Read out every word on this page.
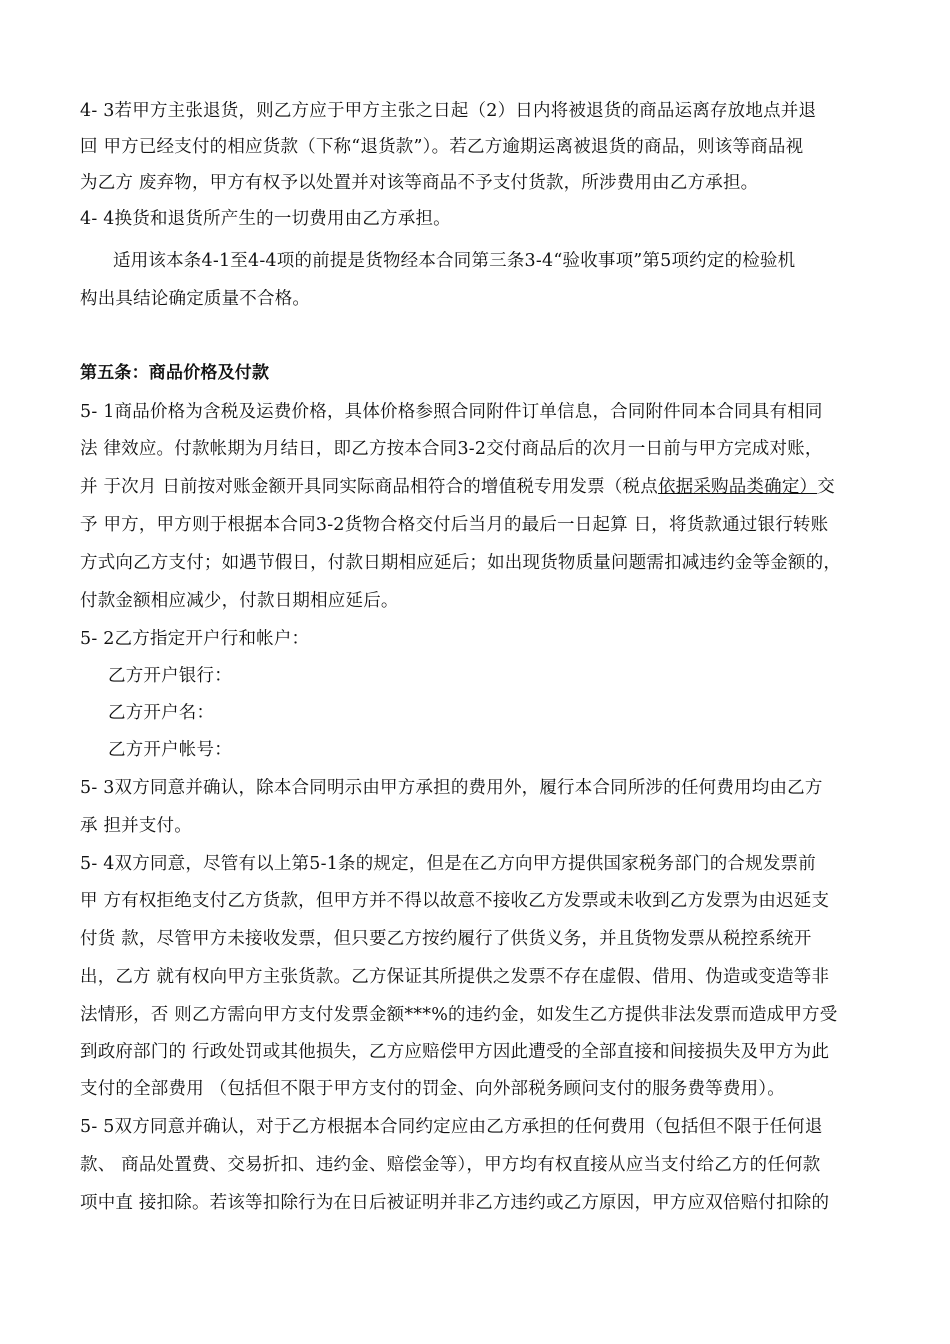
4- 3若甲方主张退货，则乙方应于甲方主张之日起（2）日内将被退货的商品运离存放地点并退
回 甲方已经支付的相应货款（下称“退货款”）。若乙方逾期运离被退货的商品，则该等商品视
为乙方 废弃物，甲方有权予以处置并对该等商品不予支付货款，所涉费用由乙方承担。
4- 4换货和退货所产生的一切费用由乙方承担。
适用该本条4-1至4-4项的前提是货物经本合同第三条3-4“验收事项”第5项约定的检验机
构出具结论确定质量不合格。
第五条：商品价格及付款
5- 1商品价格为含税及运费价格，具体价格参照合同附件订单信息，合同附件同本合同具有相同
法 律效应。付款帐期为月结日，即乙方按本合同3-2交付商品后的次月一日前与甲方完成对账，
并 于次月 日前按对账金额开具同实际商品相符合的增值税专用发票（税点依据采购品类确定）交
予 甲方，甲方则于根据本合同3-2货物合格交付后当月的最后一日起算 日，将货款通过银行转账
方式向乙方支付；如遇节假日，付款日期相应延后；如出现货物质量问题需扣减违约金等金额的，
付款金额相应减少，付款日期相应延后。
5- 2乙方指定开户行和帐户：
乙方开户银行：
乙方开户名：
乙方开户帐号：
5- 3双方同意并确认，除本合同明示由甲方承担的费用外，履行本合同所涉的任何费用均由乙方
承 担并支付。
5- 4双方同意，尽管有以上第5-1条的规定，但是在乙方向甲方提供国家税务部门的合规发票前
甲 方有权拒绝支付乙方货款，但甲方并不得以故意不接收乙方发票或未收到乙方发票为由迟延支
付货 款，尽管甲方未接收发票，但只要乙方按约履行了供货义务，并且货物发票从税控系统开
出，乙方 就有权向甲方主张货款。乙方保证其所提供之发票不存在虚假、借用、伪造或变造等非
法情形，否 则乙方需向甲方支付发票金额***%的违约金，如发生乙方提供非法发票而造成甲方受
到政府部门的 行政处罚或其他损失，乙方应赔偿甲方因此遭受的全部直接和间接损失及甲方为此
支付的全部费用 （包括但不限于甲方支付的罚金、向外部税务顾问支付的服务费等费用）。
5- 5双方同意并确认，对于乙方根据本合同约定应由乙方承担的任何费用（包括但不限于任何退
款、 商品处置费、交易折扣、违约金、赔偿金等），甲方均有权直接从应当支付给乙方的任何款
项中直 接扣除。若该等扣除行为在日后被证明并非乙方违约或乙方原因，甲方应双倍赔付扣除的
